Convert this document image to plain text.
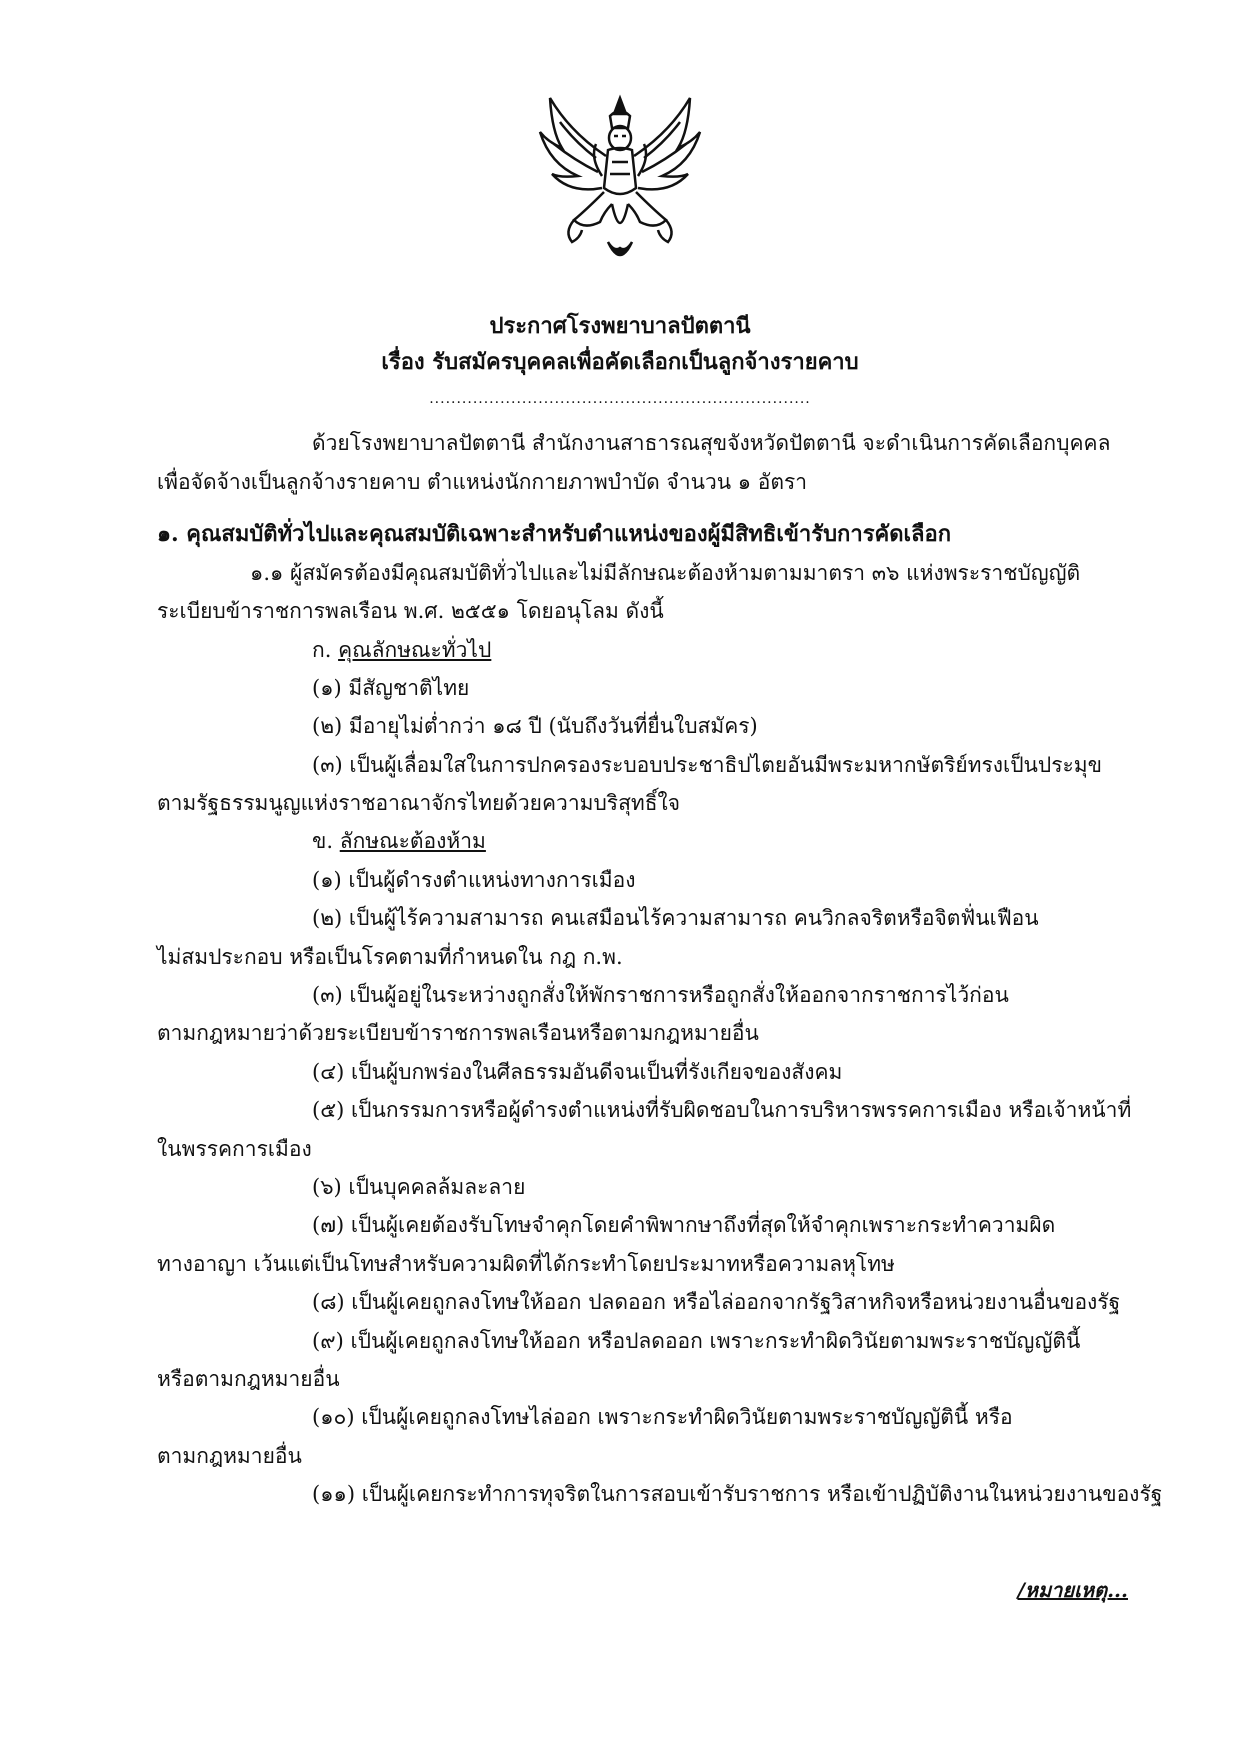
ประกาศโรงพยาบาลปัตตานี
เรื่อง รับสมัครบุคคลเพื่อคัดเลือกเป็นลูกจ้างรายคาบ
......................................................................
ด้วยโรงพยาบาลปัตตานี สำนักงานสาธารณสุขจังหวัดปัตตานี จะดำเนินการคัดเลือกบุคคล
เพื่อจัดจ้างเป็นลูกจ้างรายคาบ ตำแหน่งนักกายภาพบำบัด จำนวน ๑ อัตรา
๑. คุณสมบัติทั่วไปและคุณสมบัติเฉพาะสำหรับตำแหน่งของผู้มีสิทธิเข้ารับการคัดเลือก
๑.๑ ผู้สมัครต้องมีคุณสมบัติทั่วไปและไม่มีลักษณะต้องห้ามตามมาตรา ๓๖ แห่งพระราชบัญญัติ
ระเบียบข้าราชการพลเรือน พ.ศ. ๒๕๕๑ โดยอนุโลม ดังนี้
ก. คุณลักษณะทั่วไป
(๑) มีสัญชาติไทย
(๒) มีอายุไม่ต่ำกว่า ๑๘ ปี (นับถึงวันที่ยื่นใบสมัคร)
(๓) เป็นผู้เลื่อมใสในการปกครองระบอบประชาธิปไตยอันมีพระมหากษัตริย์ทรงเป็นประมุข
ตามรัฐธรรมนูญแห่งราชอาณาจักรไทยด้วยความบริสุทธิ์ใจ
ข. ลักษณะต้องห้าม
(๑) เป็นผู้ดำรงตำแหน่งทางการเมือง
(๒) เป็นผู้ไร้ความสามารถ คนเสมือนไร้ความสามารถ คนวิกลจริตหรือจิตฟั่นเฟือน
ไม่สมประกอบ หรือเป็นโรคตามที่กำหนดใน กฎ ก.พ.
(๓) เป็นผู้อยู่ในระหว่างถูกสั่งให้พักราชการหรือถูกสั่งให้ออกจากราชการไว้ก่อน
ตามกฎหมายว่าด้วยระเบียบข้าราชการพลเรือนหรือตามกฎหมายอื่น
(๔) เป็นผู้บกพร่องในศีลธรรมอันดีจนเป็นที่รังเกียจของสังคม
(๕) เป็นกรรมการหรือผู้ดำรงตำแหน่งที่รับผิดชอบในการบริหารพรรคการเมือง หรือเจ้าหน้าที่
ในพรรคการเมือง
(๖) เป็นบุคคลล้มละลาย
(๗) เป็นผู้เคยต้องรับโทษจำคุกโดยคำพิพากษาถึงที่สุดให้จำคุกเพราะกระทำความผิด
ทางอาญา เว้นแต่เป็นโทษสำหรับความผิดที่ได้กระทำโดยประมาทหรือความลหุโทษ
(๘) เป็นผู้เคยถูกลงโทษให้ออก ปลดออก หรือไล่ออกจากรัฐวิสาหกิจหรือหน่วยงานอื่นของรัฐ
(๙) เป็นผู้เคยถูกลงโทษให้ออก หรือปลดออก เพราะกระทำผิดวินัยตามพระราชบัญญัตินี้
หรือตามกฎหมายอื่น
(๑๐) เป็นผู้เคยถูกลงโทษไล่ออก เพราะกระทำผิดวินัยตามพระราชบัญญัตินี้ หรือ
ตามกฎหมายอื่น
(๑๑) เป็นผู้เคยกระทำการทุจริตในการสอบเข้ารับราชการ หรือเข้าปฏิบัติงานในหน่วยงานของรัฐ
/หมายเหตุ...
